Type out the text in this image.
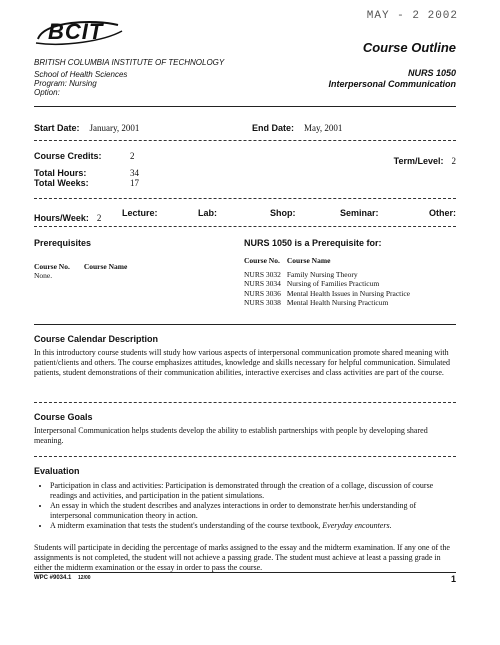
BCIT
MAY - 2 2002
Course Outline
BRITISH COLUMBIA INSTITUTE OF TECHNOLOGY
School of Health Sciences
Program: Nursing
Option:
NURS 1050
Interpersonal Communication
Start Date: January, 2001	End Date: May, 2001
Course Credits:	2	Term/Level: 2
Total Hours:	34
Total Weeks:	17
Hours/Week: 2 Lecture:	Lab:	Shop:	Seminar:	Other:
Prerequisites
Course No. Course Name
None.
NURS 1050 is a Prerequisite for:
Course No.	Course Name

NURS 3032	Family Nursing Theory
NURS 3034	Nursing of Families Practicum
NURS 3036	Mental Health Issues in Nursing Practice
NURS 3038	Mental Health Nursing Practicum
Course Calendar Description
In this introductory course students will study how various aspects of interpersonal communication promote shared meaning with patient/clients and others. The course emphasizes attitudes, knowledge and skills necessary for helpful communication. Simulated patients, student demonstrations of their communication abilities, interactive exercises and class activities are part of the course.
Course Goals
Interpersonal Communication helps students develop the ability to establish partnerships with people by developing shared meaning.
Evaluation
• Participation in class and activities: Participation is demonstrated through the creation of a collage, discussion of course readings and activities, and participation in the patient simulations.
• An essay in which the student describes and analyzes interactions in order to demonstrate her/his understanding of interpersonal communication theory in action.
• A midterm examination that tests the student's understanding of the course textbook, Everyday encounters.
Students will participate in deciding the percentage of marks assigned to the essay and the midterm examination. If any one of the assignments is not completed, the student will not achieve a passing grade. The student must achieve at least a passing grade in either the midterm examination or the essay in order to pass the course.
WPC #9034.1 12/00	1
